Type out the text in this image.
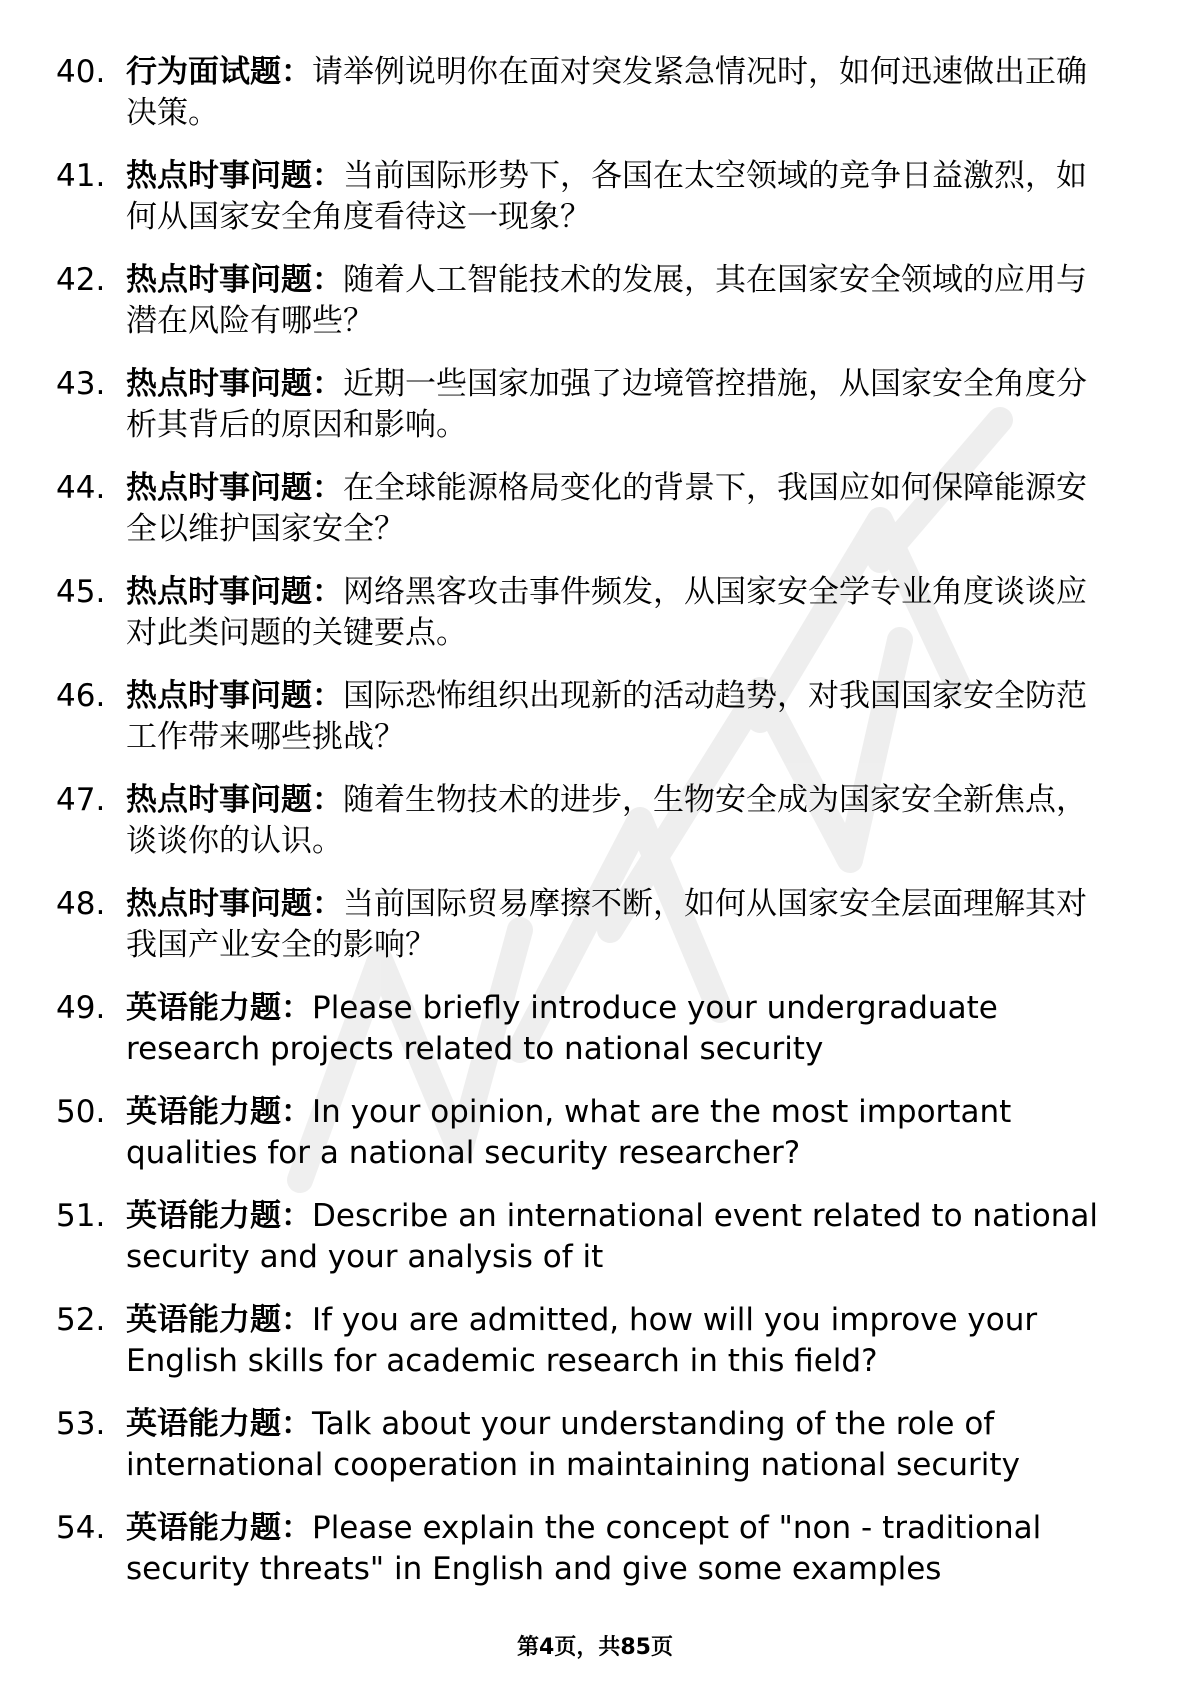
40. 行为面试题：请举例说明你在面对突发紧急情况时，如何迅速做出正确决策。
41. 热点时事问题：当前国际形势下，各国在太空领域的竞争日益激烈，如何从国家安全角度看待这一现象？
42. 热点时事问题：随着人工智能技术的发展，其在国家安全领域的应用与潜在风险有哪些？
43. 热点时事问题：近期一些国家加强了边境管控措施，从国家安全角度分析其背后的原因和影响。
44. 热点时事问题：在全球能源格局变化的背景下，我国应如何保障能源安全以维护国家安全？
45. 热点时事问题：网络黑客攻击事件频发，从国家安全学专业角度谈谈应对此类问题的关键要点。
46. 热点时事问题：国际恐怖组织出现新的活动趋势，对我国国家安全防范工作带来哪些挑战？
47. 热点时事问题：随着生物技术的进步，生物安全成为国家安全新焦点，谈谈你的认识。
48. 热点时事问题：当前国际贸易摩擦不断，如何从国家安全层面理解其对我国产业安全的影响？
49. 英语能力题：Please briefly introduce your undergraduate research projects related to national security
50. 英语能力题：In your opinion, what are the most important qualities for a national security researcher?
51. 英语能力题：Describe an international event related to national security and your analysis of it
52. 英语能力题：If you are admitted, how will you improve your English skills for academic research in this field?
53. 英语能力题：Talk about your understanding of the role of international cooperation in maintaining national security
54. 英语能力题：Please explain the concept of "non - traditional security threats" in English and give some examples
第4页，共85页
